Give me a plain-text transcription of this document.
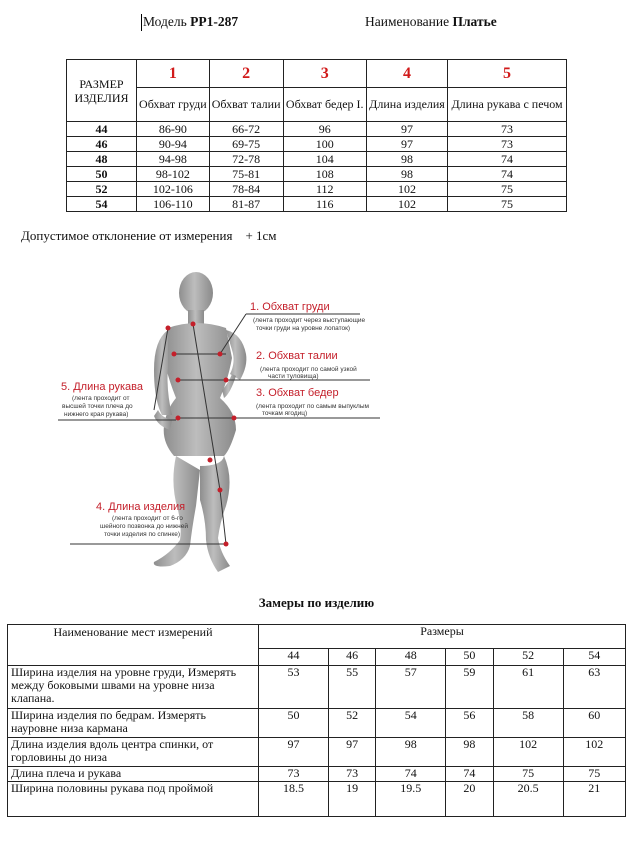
Модель PP1-287	Наименование Платье
РАЗМЕР ИЗДЕЛИЯ	1	2	3	4	5
	Обхват груди	Обхват талии	Обхват бедер I.	Длина изделия	Длина рукава с печом
44	86-90	66-72	96	97	73
46	90-94	69-75	100	97	73
48	94-98	72-78	104	98	74
50	98-102	75-81	108	98	74
52	102-106	78-84	112	102	75
54	106-110	81-87	116	102	75
Допустимое отклонение от измерения + 1см
1. Обхват груди
(лента проходит через выступающие
точки груди на уровне лопаток)
2. Обхват талии
(лента проходит по самой узкой
части туловища)
3. Обхват бедер
(лента проходит по самым выпуклым
точкам ягодиц)
5. Длина рукава
(лента проходит от
высшей точки плеча до
нижнего края рукава)
4. Длина изделия
(лента проходит от 6-го
шейного позвонка до нижней
точки изделия по спинке)
Замеры по изделию
Наименование мест измерений	Размеры					
	44	46	48	50	52	54
Ширина изделия на уровне груди, Измерять между боковыми швами на уровне низа клапана.	53	55	57	59	61	63
Ширина изделия по бедрам. Измерять науровне низа кармана	50	52	54	56	58	60
Длина изделия вдоль центра спинки, от горловины до низа	97	97	98	98	102	102
Длина плеча и рукава	73	73	74	74	75	75
Ширина половины рукава под проймой	18.5	19	19.5	20	20.5	21
